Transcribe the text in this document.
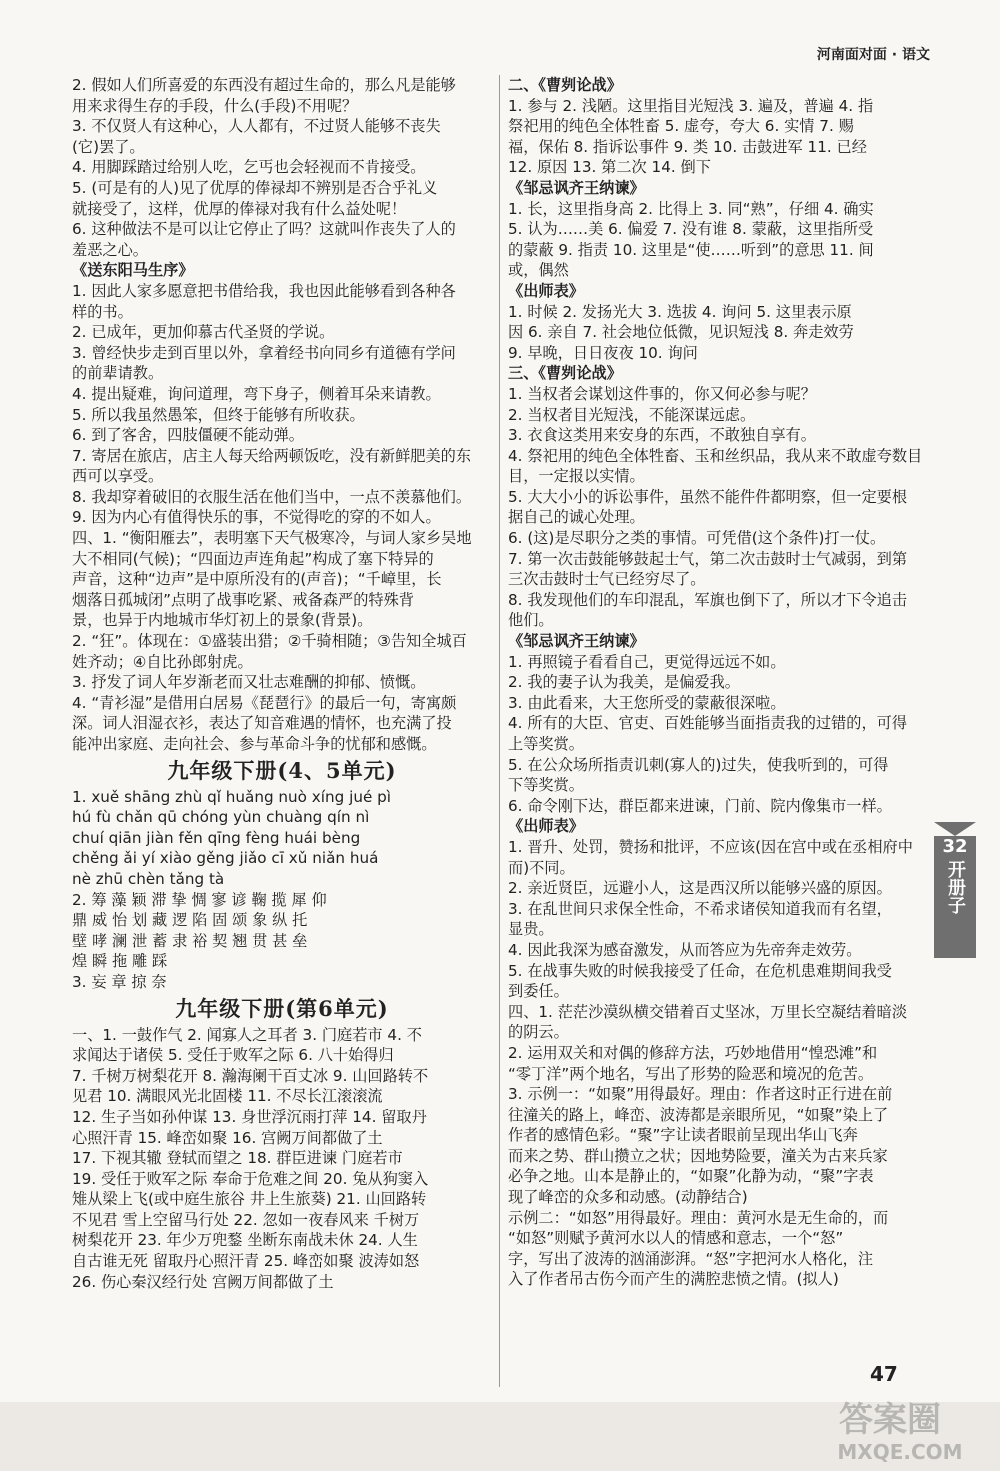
河南面对面 · 语文
2. 假如人们所喜爱的东西没有超过生命的，那么凡是能够
用来求得生存的手段，什么(手段)不用呢？
3. 不仅贤人有这种心，人人都有，不过贤人能够不丧失
(它)罢了。
4. 用脚踩踏过给别人吃，乞丐也会轻视而不肯接受。
5. (可是有的人)见了优厚的俸禄却不辨别是否合乎礼义
就接受了，这样，优厚的俸禄对我有什么益处呢！
6. 这种做法不是可以让它停止了吗？这就叫作丧失了人的
羞恶之心。
《送东阳马生序》
1. 因此人家多愿意把书借给我，我也因此能够看到各种各
样的书。
2. 已成年，更加仰慕古代圣贤的学说。
3. 曾经快步走到百里以外，拿着经书向同乡有道德有学问
的前辈请教。
4. 提出疑难，询问道理，弯下身子，侧着耳朵来请教。
5. 所以我虽然愚笨，但终于能够有所收获。
6. 到了客舍，四肢僵硬不能动弹。
7. 寄居在旅店，店主人每天给两顿饭吃，没有新鲜肥美的东
西可以享受。
8. 我却穿着破旧的衣服生活在他们当中，一点不羡慕他们。
9. 因为内心有值得快乐的事，不觉得吃的穿的不如人。
四、1. “衡阳雁去”，表明塞下天气极寒冷，与词人家乡吴地
大不相同(气候)；“四面边声连角起”构成了塞下特异的
声音，这种“边声”是中原所没有的(声音)；“千嶂里，长
烟落日孤城闭”点明了战事吃紧、戒备森严的特殊背
景，也异于内地城市华灯初上的景象(背景)。
2. “狂”。体现在：①盛装出猎；②千骑相随；③告知全城百
姓齐动；④自比孙郎射虎。
3. 抒发了词人年岁渐老而又壮志难酬的抑郁、愤慨。
4. “青衫湿”是借用白居易《琵琶行》的最后一句，寄寓颇
深。词人泪湿衣衫，表达了知音难遇的情怀，也充满了投
能冲出家庭、走向社会、参与革命斗争的忧郁和感慨。
九年级下册(4、5单元)
1. xuě shāng zhù qǐ huǎng nuò xíng jué pì
hú fù chǎn qū chóng yùn chuàng qín nì
chuí qiān jiàn fěn qīng fèng huái bèng
chěng ǎi yí xiào gěng jiǎo cī xǔ niǎn huá
nè zhū chèn tǎng tà
2. 筹 藻 颖 滞 挚 惆 寥 谚 鞠 揽 犀 仰
鼎 威 怡 划 藏 逻 陷 固 颂 象 纵 托
壁 哮 澜 泄 蓄 隶 裕 契 翘 贯 甚 垒
煌 瞬 拖 雕 踩
3. 妄 章 掠 奈
九年级下册(第6单元)
一、1. 一鼓作气 2. 闻寡人之耳者 3. 门庭若市 4. 不
求闻达于诸侯 5. 受任于败军之际 6. 八十始得归
7. 千树万树梨花开 8. 瀚海阑干百丈冰 9. 山回路转不
见君 10. 满眼风光北固楼 11. 不尽长江滚滚流
12. 生子当如孙仲谋 13. 身世浮沉雨打萍 14. 留取丹
心照汗青 15. 峰峦如聚 16. 宫阙万间都做了土
17. 下视其辙 登轼而望之 18. 群臣进谏 门庭若市
19. 受任于败军之际 奉命于危难之间 20. 兔从狗窦入
雉从梁上飞(或中庭生旅谷 井上生旅葵) 21. 山回路转
不见君 雪上空留马行处 22. 忽如一夜春风来 千树万
树梨花开 23. 年少万兜鍪 坐断东南战未休 24. 人生
自古谁无死 留取丹心照汗青 25. 峰峦如聚 波涛如怒
26. 伤心秦汉经行处 宫阙万间都做了土
二、《曹刿论战》
1. 参与 2. 浅陋。这里指目光短浅 3. 遍及，普遍 4. 指
祭祀用的纯色全体牲畜 5. 虚夸，夸大 6. 实情 7. 赐
福，保佑 8. 指诉讼事件 9. 类 10. 击鼓进军 11. 已经
12. 原因 13. 第二次 14. 倒下
《邹忌讽齐王纳谏》
1. 长，这里指身高 2. 比得上 3. 同“熟”，仔细 4. 确实
5. 认为……美 6. 偏爱 7. 没有谁 8. 蒙蔽，这里指所受
的蒙蔽 9. 指责 10. 这里是“使……听到”的意思 11. 间
或，偶然
《出师表》
1. 时候 2. 发扬光大 3. 选拔 4. 询问 5. 这里表示原
因 6. 亲自 7. 社会地位低微，见识短浅 8. 奔走效劳
9. 早晚，日日夜夜 10. 询问
三、《曹刿论战》
1. 当权者会谋划这件事的，你又何必参与呢？
2. 当权者目光短浅，不能深谋远虑。
3. 衣食这类用来安身的东西，不敢独自享有。
4. 祭祀用的纯色全体牲畜、玉和丝织品，我从来不敢虚夸数目
目，一定报以实情。
5. 大大小小的诉讼事件，虽然不能件件都明察，但一定要根
据自己的诚心处理。
6. (这)是尽职分之类的事情。可凭借(这个条件)打一仗。
7. 第一次击鼓能够鼓起士气，第二次击鼓时士气减弱，到第
三次击鼓时士气已经穷尽了。
8. 我发现他们的车印混乱，军旗也倒下了，所以才下令追击
他们。
《邹忌讽齐王纳谏》
1. 再照镜子看看自己，更觉得远远不如。
2. 我的妻子认为我美，是偏爱我。
3. 由此看来，大王您所受的蒙蔽很深啦。
4. 所有的大臣、官吏、百姓能够当面指责我的过错的，可得
上等奖赏。
5. 在公众场所指责讥刺(寡人的)过失，使我听到的，可得
下等奖赏。
6. 命令刚下达，群臣都来进谏，门前、院内像集市一样。
《出师表》
1. 晋升、处罚，赞扬和批评，不应该(因在宫中或在丞相府中
而)不同。
2. 亲近贤臣，远避小人，这是西汉所以能够兴盛的原因。
3. 在乱世间只求保全性命，不希求诸侯知道我而有名望，
显贵。
4. 因此我深为感奋激发，从而答应为先帝奔走效劳。
5. 在战事失败的时候我接受了任命，在危机患难期间我受
到委任。
四、1. 茫茫沙漠纵横交错着百丈坚冰，万里长空凝结着暗淡
的阴云。
2. 运用双关和对偶的修辞方法，巧妙地借用“惶恐滩”和
“零丁洋”两个地名，写出了形势的险恶和境况的危苦。
3. 示例一：“如聚”用得最好。理由：作者这时正行进在前
往潼关的路上，峰峦、波涛都是亲眼所见，“如聚”染上了
作者的感情色彩。“聚”字让读者眼前呈现出华山飞奔
而来之势、群山攒立之状；因地势险要，潼关为古来兵家
必争之地。山本是静止的，“如聚”化静为动，“聚”字表
现了峰峦的众多和动感。(动静结合)
示例二：“如怒”用得最好。理由：黄河水是无生命的，而
“如怒”则赋予黄河水以人的情感和意志，一个“怒”
字，写出了波涛的汹涌澎湃。“怒”字把河水人格化，注
入了作者吊古伤今而产生的满腔悲愤之情。(拟人)
32
开册子
47
答案圈
MXQE.COM
